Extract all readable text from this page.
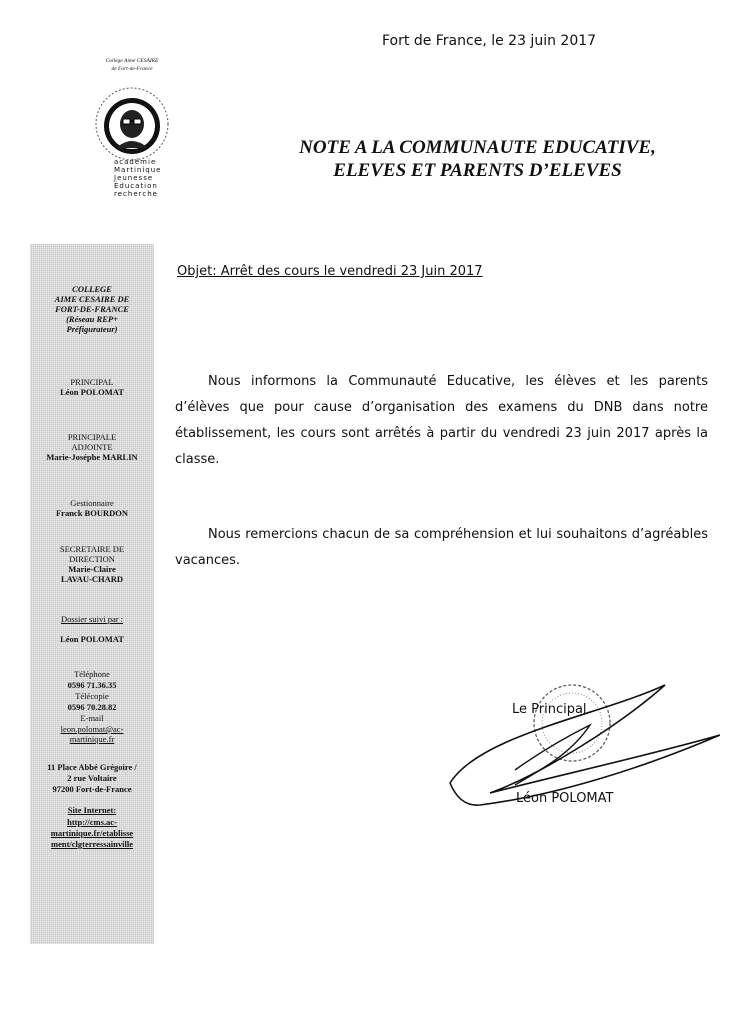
Fort de France, le 23 juin 2017
Collège Aimé CESAIRE
de Fort-de-France
académie
Martinique
Jeunesse
Éducation
recherche
NOTE A LA COMMUNAUTE EDUCATIVE,
ELEVES ET PARENTS D’ELEVES
COLLEGE
AIME CESAIRE DE
FORT-DE-FRANCE
(Réseau REP+
Préfigurateur)
PRINCIPAL
Léon POLOMAT
PRINCIPALE
ADJOINTE
Marie-Joséphe MARLIN
Gestionnaire
Franck BOURDON
SECRETAIRE DE
DIRECTION
Marie-Claire
LAVAU-CHARD
Dossier suivi par :
Léon POLOMAT
Téléphone
0596 71.36.35
Télécopie
0596 70.28.82
E-mail
leon.polomat@ac-
martinique.fr
11 Place Abbé Grégoire /
2 rue Voltaire
97200 Fort-de-France
Site Internet:
http://cms.ac-
martinique.fr/etablisse
ment/clgterressainville
Objet: Arrêt des cours le vendredi 23 Juin 2017
Nous informons la Communauté Educative, les élèves et les parents d’élèves que pour cause d’organisation des examens du DNB dans notre établissement, les cours sont arrêtés à partir du vendredi 23 juin 2017 après la classe.
Nous remercions chacun de sa compréhension et lui souhaitons d’agréables vacances.
Le Principal
Léon POLOMAT
